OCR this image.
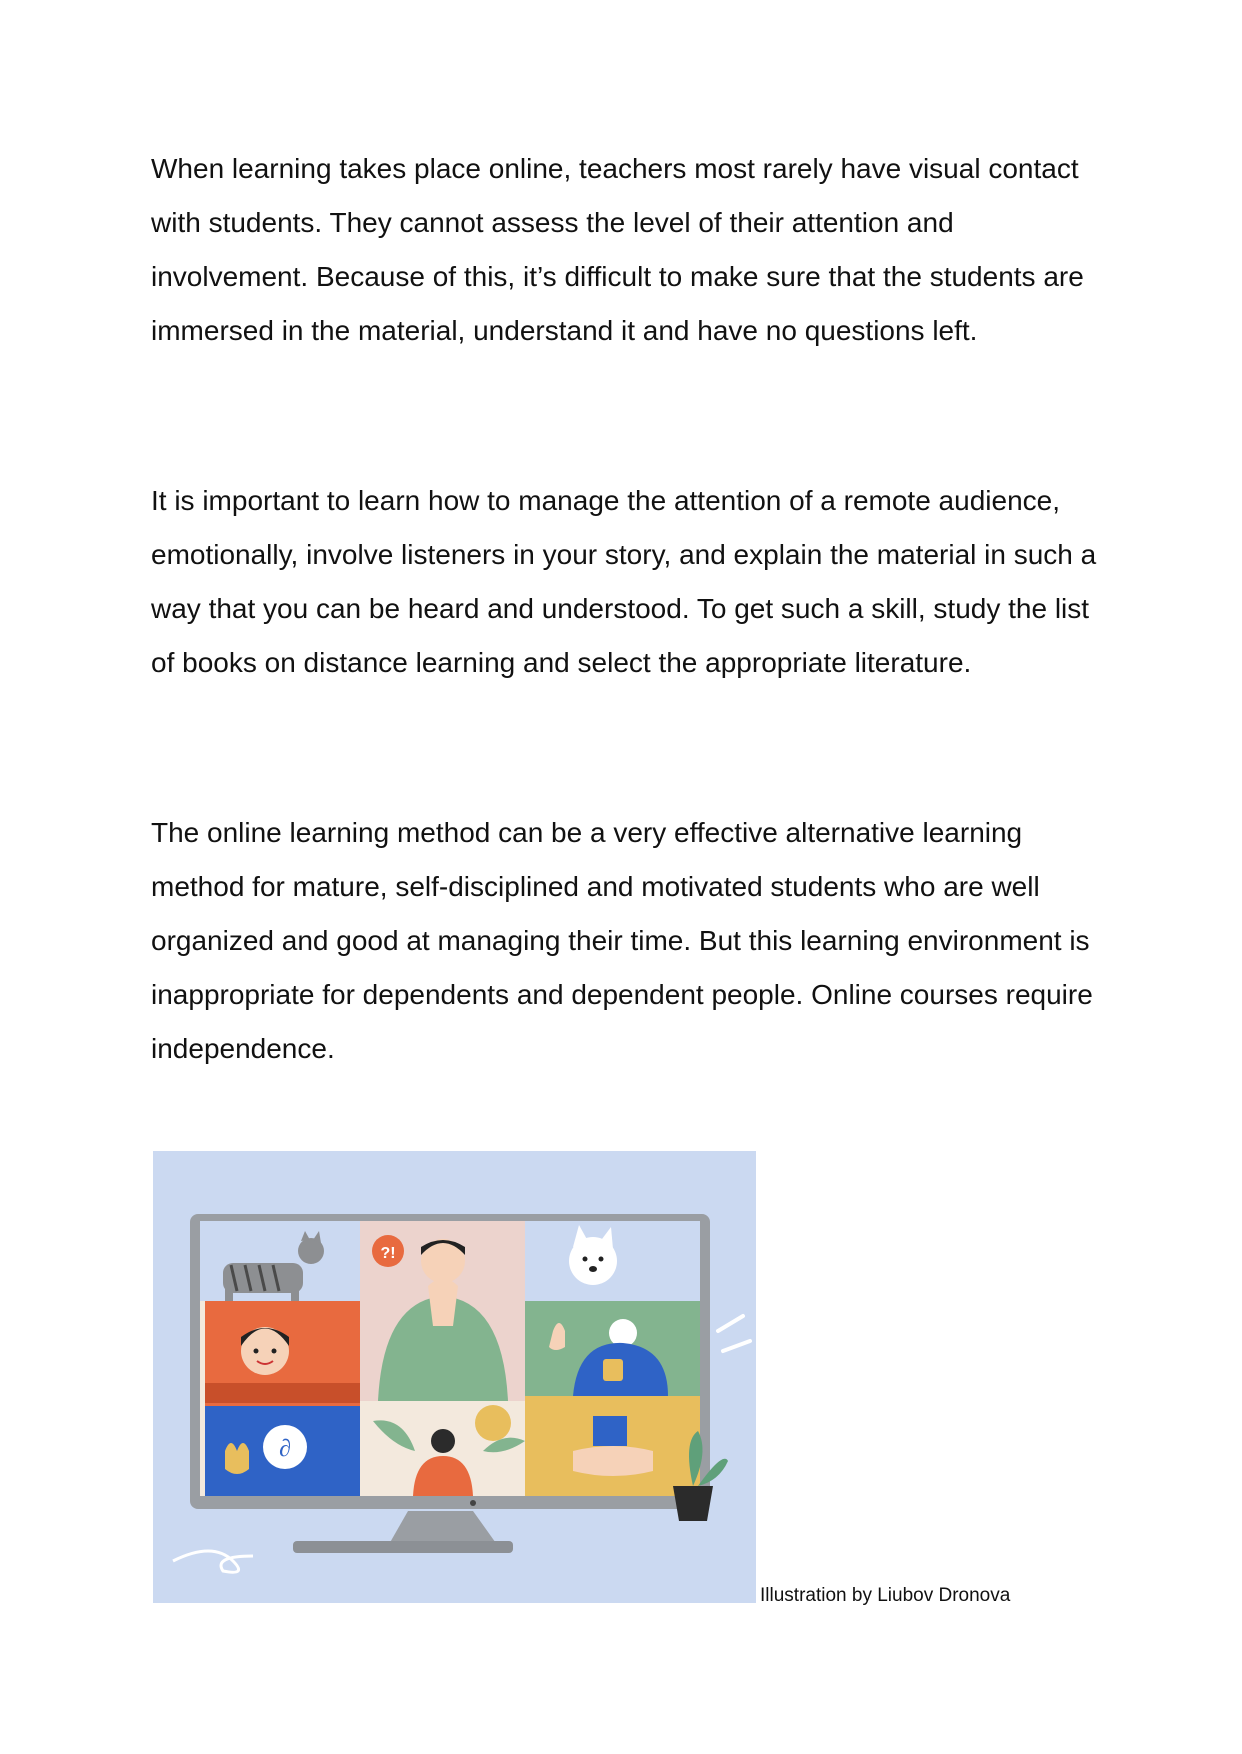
When learning takes place online, teachers most rarely have visual contact with students. They cannot assess the level of their attention and involvement. Because of this, it’s difficult to make sure that the students are immersed in the material, understand it and have no questions left.

It is important to learn how to manage the attention of a remote audience, emotionally, involve listeners in your story, and explain the material in such a way that you can be heard and understood. To get such a skill, study the list of books on distance learning and select the appropriate literature.

The online learning method can be a very effective alternative learning method for mature, self-disciplined and motivated students who are well organized and good at managing their time. But this learning environment is inappropriate for dependents and dependent people. Online courses require independence.

∂
?!
Illustration by Liubov Dronova
